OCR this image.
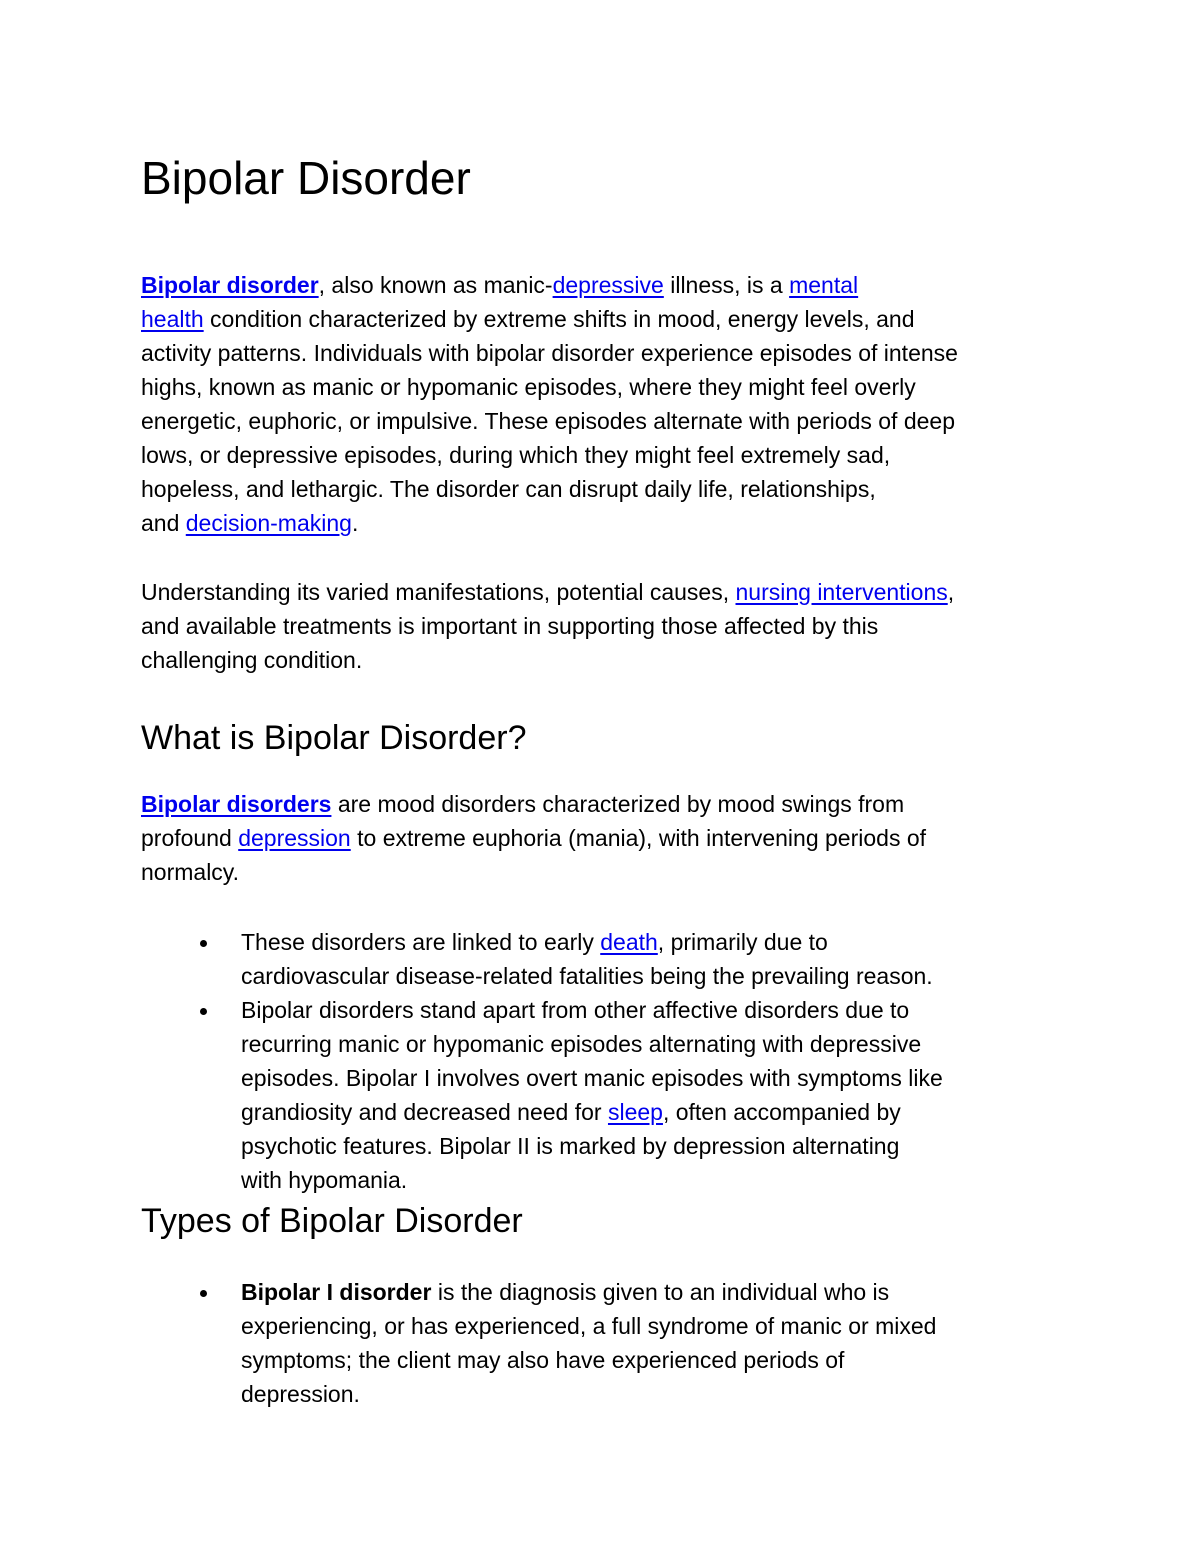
Bipolar Disorder

Bipolar disorder, also known as manic-depressive illness, is a mental
health condition characterized by extreme shifts in mood, energy levels, and
activity patterns. Individuals with bipolar disorder experience episodes of intense
highs, known as manic or hypomanic episodes, where they might feel overly
energetic, euphoric, or impulsive. These episodes alternate with periods of deep
lows, or depressive episodes, during which they might feel extremely sad,
hopeless, and lethargic. The disorder can disrupt daily life, relationships,
and decision-making.

Understanding its varied manifestations, potential causes, nursing interventions,
and available treatments is important in supporting those affected by this
challenging condition.

What is Bipolar Disorder?

Bipolar disorders are mood disorders characterized by mood swings from
profound depression to extreme euphoria (mania), with intervening periods of
normalcy.

These disorders are linked to early death, primarily due to
cardiovascular disease-related fatalities being the prevailing reason.
Bipolar disorders stand apart from other affective disorders due to
recurring manic or hypomanic episodes alternating with depressive
episodes. Bipolar I involves overt manic episodes with symptoms like
grandiosity and decreased need for sleep, often accompanied by
psychotic features. Bipolar II is marked by depression alternating
with hypomania.
Types of Bipolar Disorder
Bipolar I disorder is the diagnosis given to an individual who is
experiencing, or has experienced, a full syndrome of manic or mixed
symptoms; the client may also have experienced periods of
depression.
